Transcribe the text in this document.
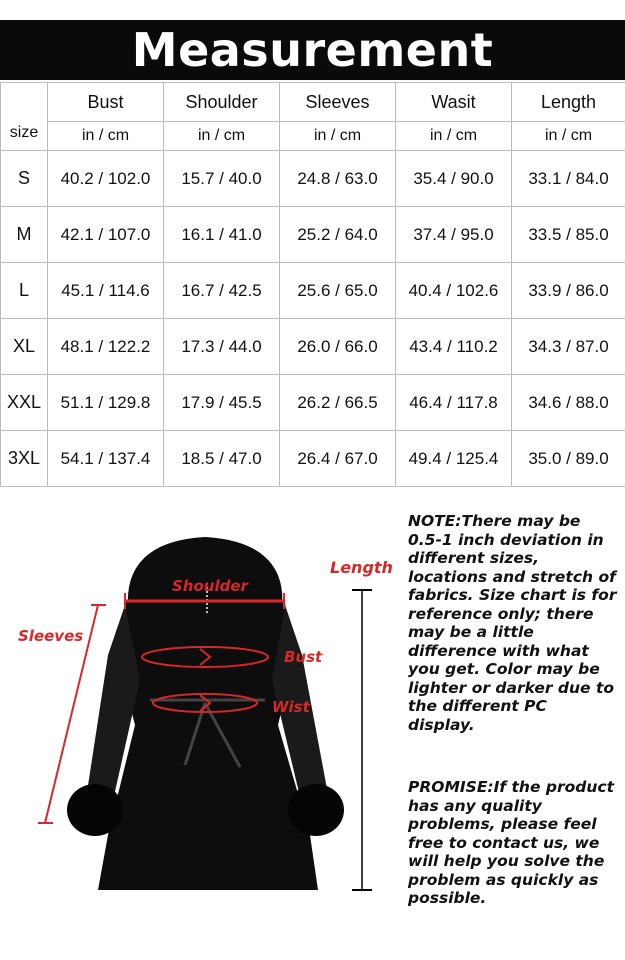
Measurement
size	Bust	Shoulder	Sleeves	Wasit	Length
	in / cm	in / cm	in / cm	in / cm	in / cm
S	40.2 / 102.0	15.7 / 40.0	24.8 / 63.0	35.4 / 90.0	33.1 / 84.0
M	42.1 / 107.0	16.1 / 41.0	25.2 / 64.0	37.4 / 95.0	33.5 / 85.0
L	45.1 / 114.6	16.7 / 42.5	25.6 / 65.0	40.4 / 102.6	33.9 / 86.0
XL	48.1 / 122.2	17.3 / 44.0	26.0 / 66.0	43.4 / 110.2	34.3 / 87.0
XXL	51.1 / 129.8	17.9 / 45.5	26.2 / 66.5	46.4 / 117.8	34.6 / 88.0
3XL	54.1 / 137.4	18.5 / 47.0	26.4 / 67.0	49.4 / 125.4	35.0 / 89.0
Shoulder
Sleeves
Bust
Wist
Length
NOTE:There may be 0.5-1 inch deviation in different sizes, locations and stretch of fabrics. Size chart is for reference only; there may be a little difference with what you get. Color may be lighter or darker due to the different PC display.
PROMISE:If the product has any quality problems, please feel free to contact us, we will help you solve the problem as quickly as possible.
